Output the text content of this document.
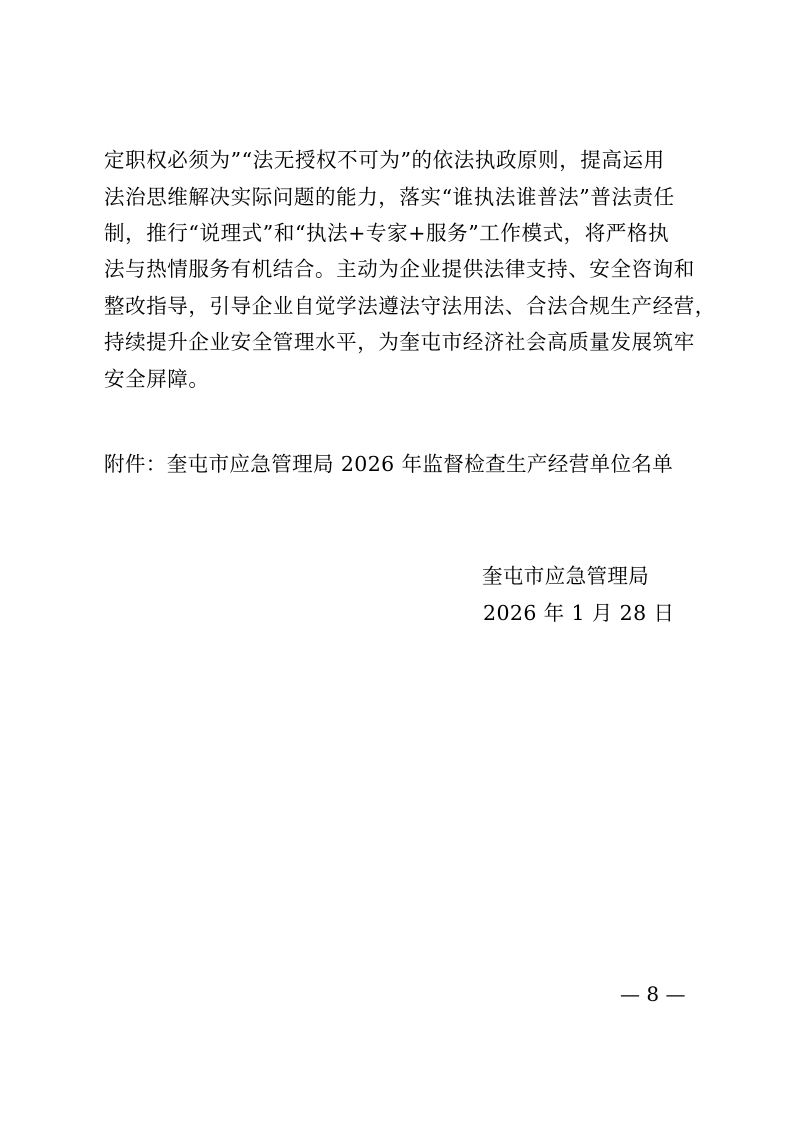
定职权必须为”“法无授权不可为”的依法执政原则，提高运用
法治思维解决实际问题的能力，落实“谁执法谁普法”普法责任
制，推行“说理式”和“执法+专家+服务”工作模式，将严格执
法与热情服务有机结合。主动为企业提供法律支持、安全咨询和
整改指导，引导企业自觉学法遵法守法用法、合法合规生产经营，
持续提升企业安全管理水平，为奎屯市经济社会高质量发展筑牢
安全屏障。
附件：奎屯市应急管理局 2026 年监督检查生产经营单位名单
奎屯市应急管理局
2026 年 1 月 28 日
— 8 —
